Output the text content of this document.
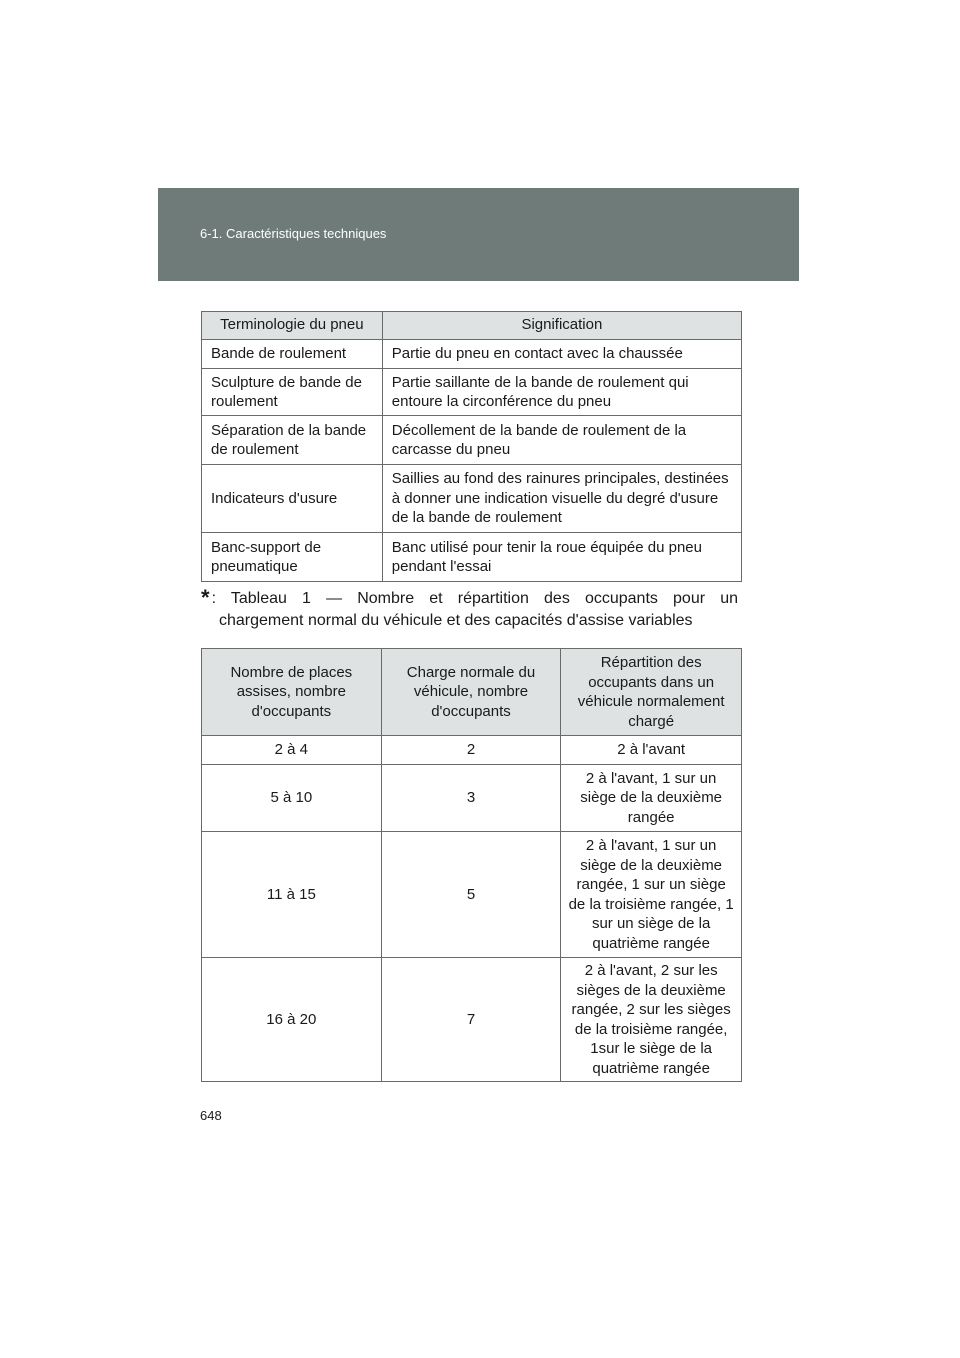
6-1. Caractéristiques techniques
Terminologie du pneu	Signification
Bande de roulement	Partie du pneu en contact avec la chaussée
Sculpture de bande de roulement	Partie saillante de la bande de roulement qui entoure la circonférence du pneu
Séparation de la bande de roulement	Décollement de la bande de roulement de la carcasse du pneu
Indicateurs d'usure	Saillies au fond des rainures principales, destinées à donner une indication visuelle du degré d'usure de la bande de roulement
Banc-support de pneumatique	Banc utilisé pour tenir la roue équipée du pneu pendant l'essai
* : Tableau 1 — Nombre et répartition des occupants pour un
chargement normal du véhicule et des capacités d'assise variables
Nombre de places assises, nombre d'occupants	Charge normale du véhicule, nombre d'occupants	Répartition des occupants dans un véhicule normalement chargé
2 à 4	2	2 à l'avant
5 à 10	3	2 à l'avant, 1 sur un siège de la deuxième rangée
11 à 15	5	2 à l'avant, 1 sur un siège de la deuxième rangée, 1 sur un siège de la troisième rangée, 1 sur un siège de la quatrième rangée
16 à 20	7	2 à l'avant, 2 sur les sièges de la deuxième rangée, 2 sur les sièges de la troisième rangée, 1sur le siège de la quatrième rangée
648
